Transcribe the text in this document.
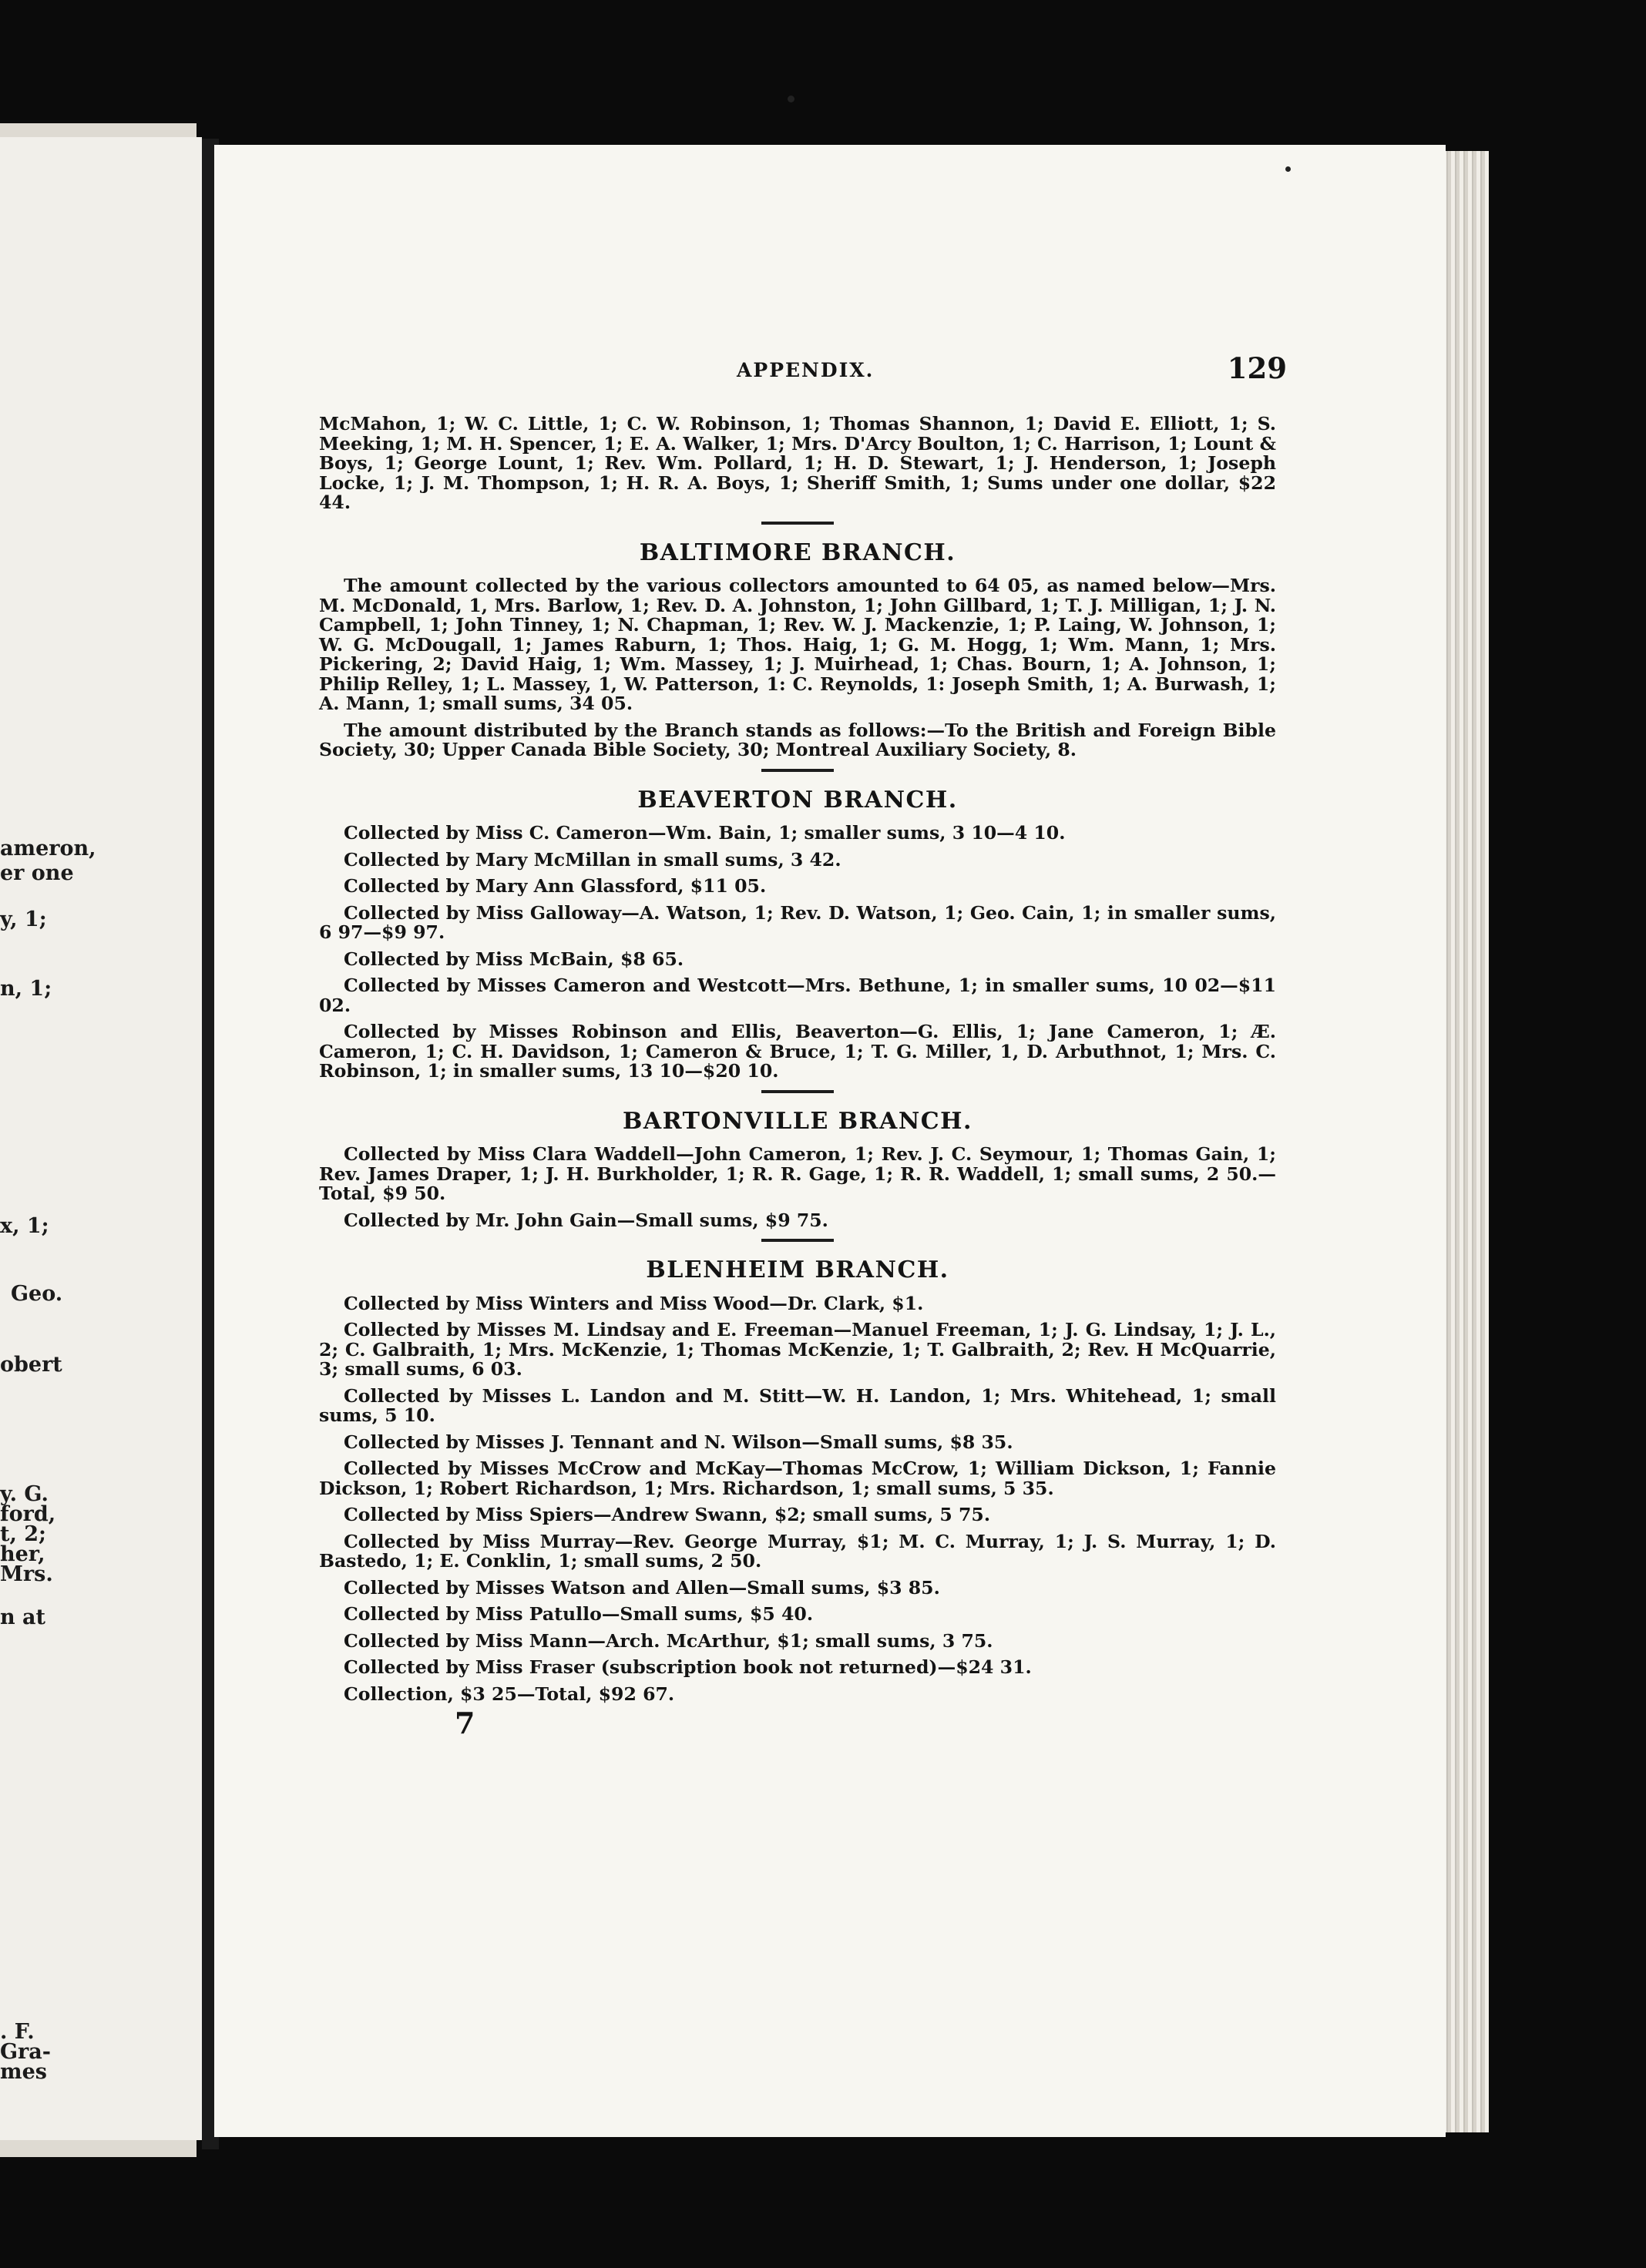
ameron,
er one
y, 1;
n, 1;
x, 1;
Geo.
obert
y. G.
ford,
t, 2;
her,
Mrs.
n at
. F.
Gra-
mes
APPENDIX.	129

McMahon, 1; W. C. Little, 1; C. W. Robinson, 1; Thomas Shannon, 1; David E. Elliott, 1; S. Meeking, 1; M. H. Spencer, 1; E. A. Walker, 1; Mrs. D'Arcy Boulton, 1; C. Harrison, 1; Lount & Boys, 1; George Lount, 1; Rev. Wm. Pollard, 1; H. D. Stewart, 1; J. Henderson, 1; Joseph Locke, 1; J. M. Thompson, 1; H. R. A. Boys, 1; Sheriff Smith, 1; Sums under one dollar, $22 44.

BALTIMORE BRANCH.

The amount collected by the various collectors amounted to 64 05, as named below—Mrs. M. McDonald, 1, Mrs. Barlow, 1; Rev. D. A. Johnston, 1; John Gillbard, 1; T. J. Milligan, 1; J. N. Campbell, 1; John Tinney, 1; N. Chapman, 1; Rev. W. J. Mackenzie, 1; P. Laing, W. Johnson, 1; W. G. McDougall, 1; James Raburn, 1; Thos. Haig, 1; G. M. Hogg, 1; Wm. Mann, 1; Mrs. Pickering, 2; David Haig, 1; Wm. Massey, 1; J. Muirhead, 1; Chas. Bourn, 1; A. Johnson, 1; Philip Relley, 1; L. Massey, 1, W. Patterson, 1: C. Reynolds, 1: Joseph Smith, 1; A. Burwash, 1; A. Mann, 1; small sums, 34 05.

The amount distributed by the Branch stands as follows:—To the British and Foreign Bible Society, 30; Upper Canada Bible Society, 30; Montreal Auxiliary Society, 8.

BEAVERTON BRANCH.

Collected by Miss C. Cameron—Wm. Bain, 1; smaller sums, 3 10—4 10.

Collected by Mary McMillan in small sums, 3 42.

Collected by Mary Ann Glassford, $11 05.

Collected by Miss Galloway—A. Watson, 1; Rev. D. Watson, 1; Geo. Cain, 1; in smaller sums, 6 97—$9 97.

Collected by Miss McBain, $8 65.

Collected by Misses Cameron and Westcott—Mrs. Bethune, 1; in smaller sums, 10 02—$11 02.

Collected by Misses Robinson and Ellis, Beaverton—G. Ellis, 1; Jane Cameron, 1; Æ. Cameron, 1; C. H. Davidson, 1; Cameron & Bruce, 1; T. G. Miller, 1, D. Arbuthnot, 1; Mrs. C. Robinson, 1; in smaller sums, 13 10—$20 10.

BARTONVILLE BRANCH.

Collected by Miss Clara Waddell—John Cameron, 1; Rev. J. C. Seymour, 1; Thomas Gain, 1; Rev. James Draper, 1; J. H. Burkholder, 1; R. R. Gage, 1; R. R. Waddell, 1; small sums, 2 50.—Total, $9 50.

Collected by Mr. John Gain—Small sums, $9 75.

BLENHEIM BRANCH.

Collected by Miss Winters and Miss Wood—Dr. Clark, $1.

Collected by Misses M. Lindsay and E. Freeman—Manuel Freeman, 1; J. G. Lindsay, 1; J. L., 2; C. Galbraith, 1; Mrs. McKenzie, 1; Thomas McKenzie, 1; T. Galbraith, 2; Rev. H McQuarrie, 3; small sums, 6 03.

Collected by Misses L. Landon and M. Stitt—W. H. Landon, 1; Mrs. Whitehead, 1; small sums, 5 10.

Collected by Misses J. Tennant and N. Wilson—Small sums, $8 35.

Collected by Misses McCrow and McKay—Thomas McCrow, 1; William Dickson, 1; Fannie Dickson, 1; Robert Richardson, 1; Mrs. Richardson, 1; small sums, 5 35.

Collected by Miss Spiers—Andrew Swann, $2; small sums, 5 75.

Collected by Miss Murray—Rev. George Murray, $1; M. C. Murray, 1; J. S. Murray, 1; D. Bastedo, 1; E. Conklin, 1; small sums, 2 50.

Collected by Misses Watson and Allen—Small sums, $3 85.

Collected by Miss Patullo—Small sums, $5 40.

Collected by Miss Mann—Arch. McArthur, $1; small sums, 3 75.

Collected by Miss Fraser (subscription book not returned)—$24 31.

Collection, $3 25—Total, $92 67.

7
